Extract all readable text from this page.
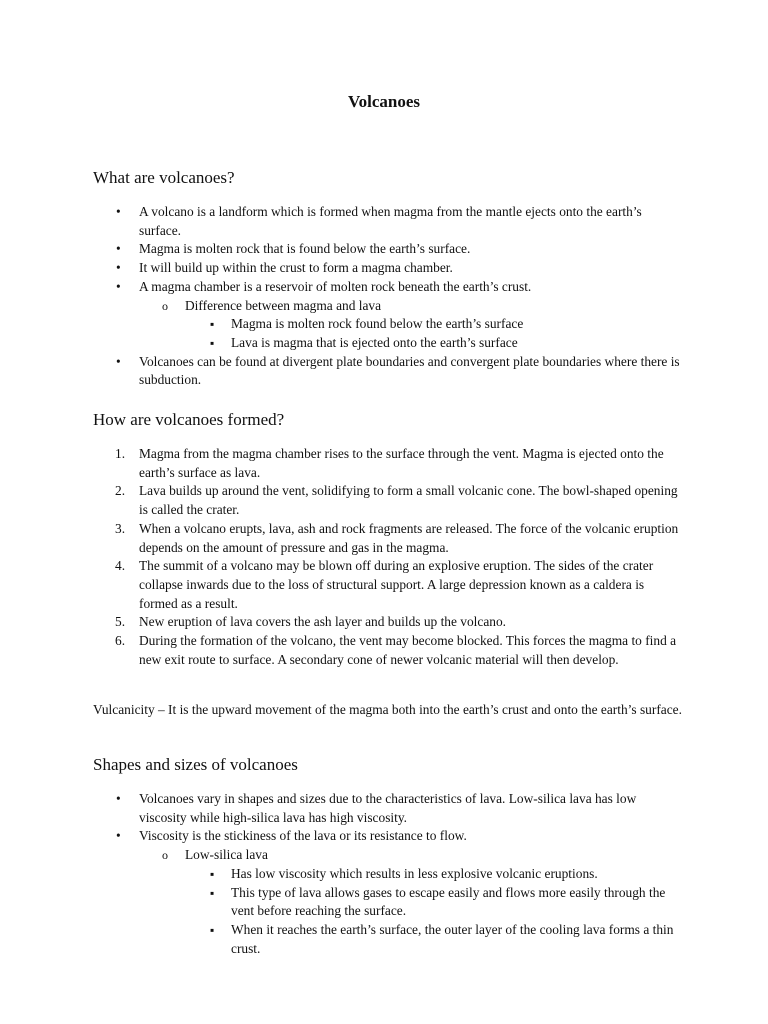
Volcanoes
What are volcanoes?
• A volcano is a landform which is formed when magma from the mantle ejects onto the earth’s surface.
• Magma is molten rock that is found below the earth’s surface.
• It will build up within the crust to form a magma chamber.
• A magma chamber is a reservoir of molten rock beneath the earth’s crust.
o Difference between magma and lava
▪ Magma is molten rock found below the earth’s surface
▪ Lava is magma that is ejected onto the earth’s surface
• Volcanoes can be found at divergent plate boundaries and convergent plate boundaries where there is subduction.
How are volcanoes formed?
1. Magma from the magma chamber rises to the surface through the vent. Magma is ejected onto the earth’s surface as lava.
2. Lava builds up around the vent, solidifying to form a small volcanic cone. The bowl-shaped opening is called the crater.
3. When a volcano erupts, lava, ash and rock fragments are released. The force of the volcanic eruption depends on the amount of pressure and gas in the magma.
4. The summit of a volcano may be blown off during an explosive eruption. The sides of the crater collapse inwards due to the loss of structural support. A large depression known as a caldera is formed as a result.
5. New eruption of lava covers the ash layer and builds up the volcano.
6. During the formation of the volcano, the vent may become blocked. This forces the magma to find a new exit route to surface. A secondary cone of newer volcanic material will then develop.

Vulcanicity – It is the upward movement of the magma both into the earth’s crust and onto the earth’s surface.

Shapes and sizes of volcanoes
• Volcanoes vary in shapes and sizes due to the characteristics of lava. Low-silica lava has low viscosity while high-silica lava has high viscosity.
• Viscosity is the stickiness of the lava or its resistance to flow.
o Low-silica lava
▪ Has low viscosity which results in less explosive volcanic eruptions.
▪ This type of lava allows gases to escape easily and flows more easily through the vent before reaching the surface.
▪ When it reaches the earth’s surface, the outer layer of the cooling lava forms a thin crust.
